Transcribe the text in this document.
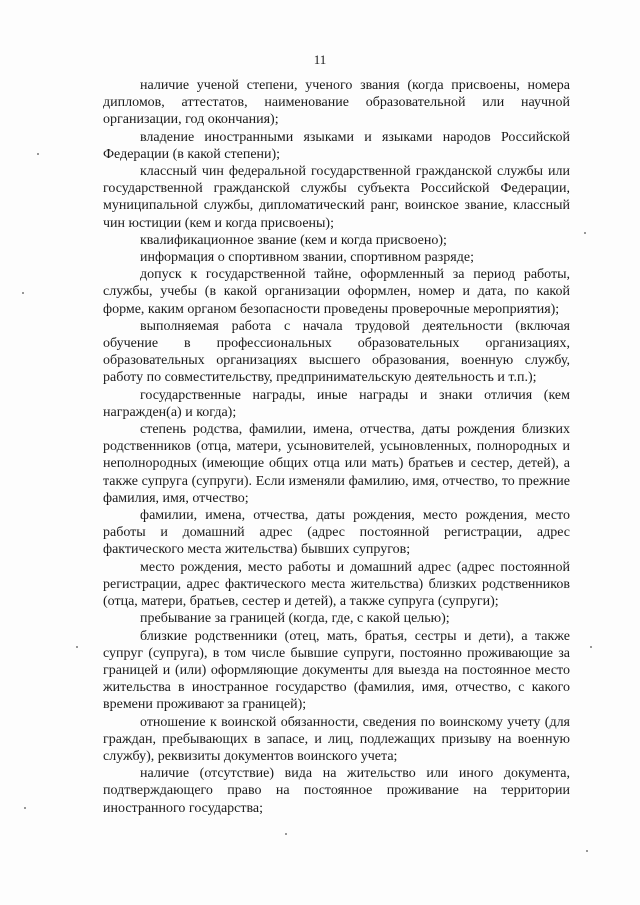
11

наличие ученой степени, ученого звания (когда присвоены, номера дипломов, аттестатов, наименование образовательной или научной организации, год окончания);

владение иностранными языками и языками народов Российской Федерации (в какой степени);

классный чин федеральной государственной гражданской службы или государственной гражданской службы субъекта Российской Федерации, муниципальной службы, дипломатический ранг, воинское звание, классный чин юстиции (кем и когда присвоены);

квалификационное звание (кем и когда присвоено);

информация о спортивном звании, спортивном разряде;

допуск к государственной тайне, оформленный за период работы, службы, учебы (в какой организации оформлен, номер и дата, по какой форме, каким органом безопасности проведены проверочные мероприятия);

выполняемая работа с начала трудовой деятельности (включая обучение в профессиональных образовательных организациях, образовательных организациях высшего образования, военную службу, работу по совместительству, предпринимательскую деятельность и т.п.);

государственные награды, иные награды и знаки отличия (кем награжден(а) и когда);

степень родства, фамилии, имена, отчества, даты рождения близких родственников (отца, матери, усыновителей, усыновленных, полнородных и неполнородных (имеющие общих отца или мать) братьев и сестер, детей), а также супруга (супруги). Если изменяли фамилию, имя, отчество, то прежние фамилия, имя, отчество;

фамилии, имена, отчества, даты рождения, место рождения, место работы и домашний адрес (адрес постоянной регистрации, адрес фактического места жительства) бывших супругов;

место рождения, место работы и домашний адрес (адрес постоянной регистрации, адрес фактического места жительства) близких родственников (отца, матери, братьев, сестер и детей), а также супруга (супруги);

пребывание за границей (когда, где, с какой целью);

близкие родственники (отец, мать, братья, сестры и дети), а также супруг (супруга), в том числе бывшие супруги, постоянно проживающие за границей и (или) оформляющие документы для выезда на постоянное место жительства в иностранное государство (фамилия, имя, отчество, с какого времени проживают за границей);

отношение к воинской обязанности, сведения по воинскому учету (для граждан, пребывающих в запасе, и лиц, подлежащих призыву на военную службу), реквизиты документов воинского учета;

наличие (отсутствие) вида на жительство или иного документа, подтверждающего право на постоянное проживание на территории иностранного государства;
